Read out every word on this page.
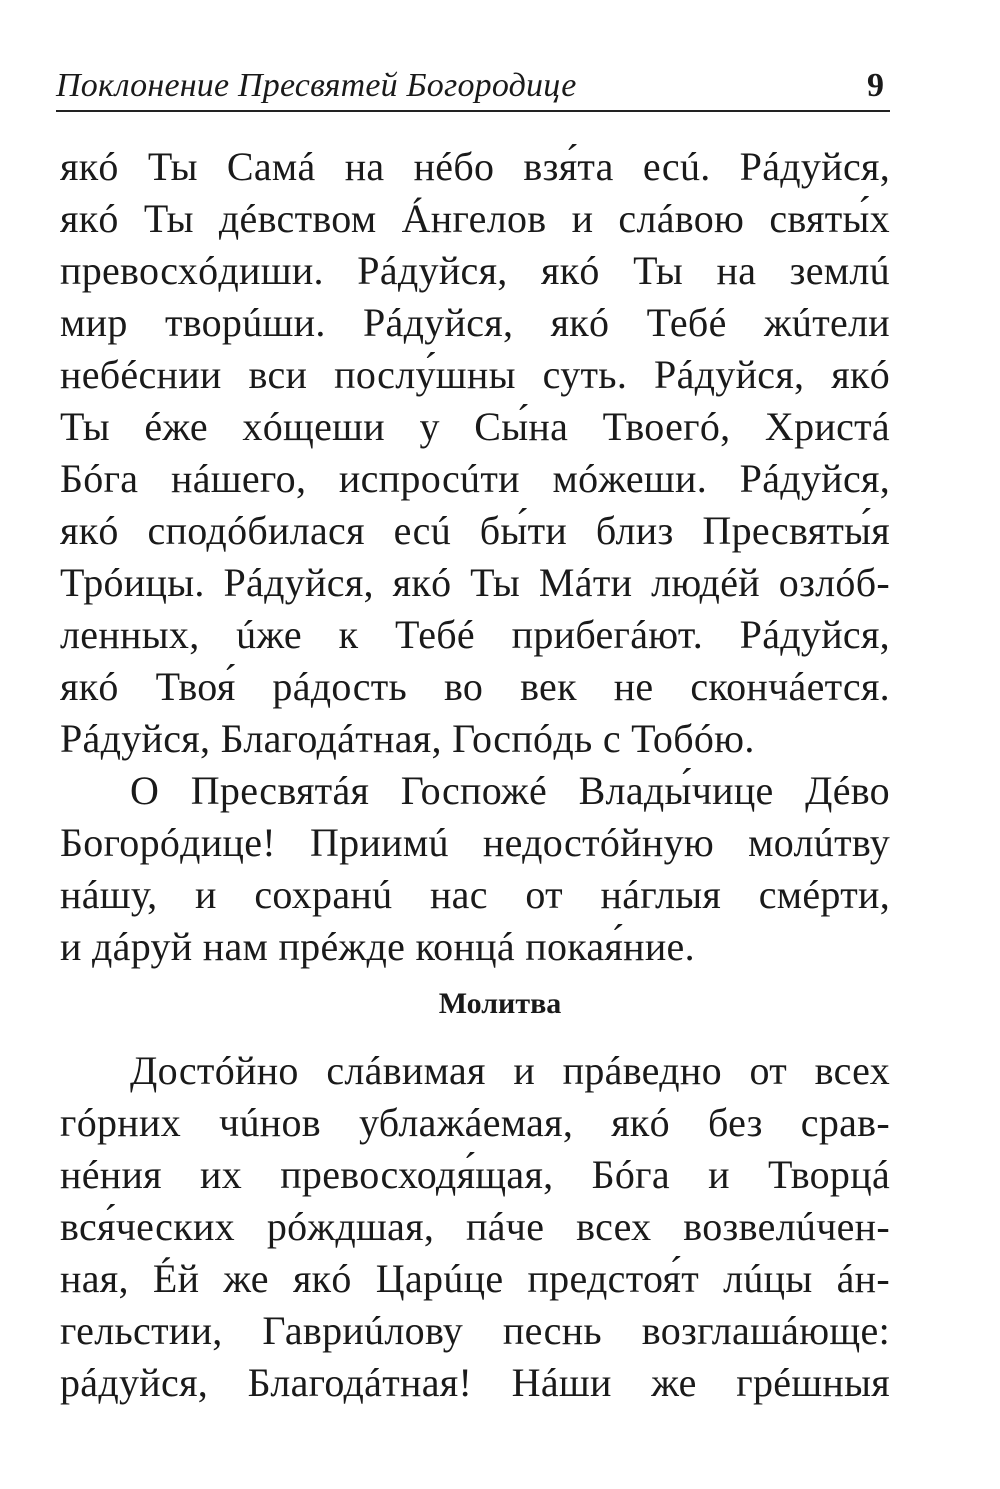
Поклонение Пресвятей Богородице	9
якó Ты Самá на нéбо взя́та есú. Рáдуйся,
якó Ты дéвством Áнгелов и слáвою святы́х
превосхóдиши. Рáдуйся, якó Ты на землú
мир творúши. Рáдуйся, якó Тебé жúтели
небéснии вси послу́шны суть. Рáдуйся, якó
Ты éже хóщеши у Сы́на Твоегó, Христá
Бóга нáшего, испросúти мóжеши. Рáдуйся,
якó сподóбилася есú бы́ти близ Пресвяты́я
Трóицы. Рáдуйся, якó Ты Мáти людéй озлóб-
ленных, úже к Тебé прибегáют. Рáдуйся,
якó Твоя́ рáдость во век не скончáется.
Рáдуйся, Благодáтная, Госпóдь с Тобóю.
О Пресвятáя Госпожé Влады́чице Дéво
Богорóдице! Приимú недостóйную молúтву
нáшу, и сохранú нас от нáглыя смéрти,
и дáруй нам прéжде концá покая́ние.
Молитва
Достóйно слáвимая и прáведно от всех
гóрних чúнов ублажáемая, якó без срав-
нéния их превосходя́щая, Бóга и Творцá
вся́ческих рóждшая, пáче всех возвелúчен-
ная, Éй же якó Царúце предстоя́т лúцы áн-
гельстии, Гавриúлову песнь возглашáюще:
рáдуйся, Благодáтная! Нáши же грéшныя
